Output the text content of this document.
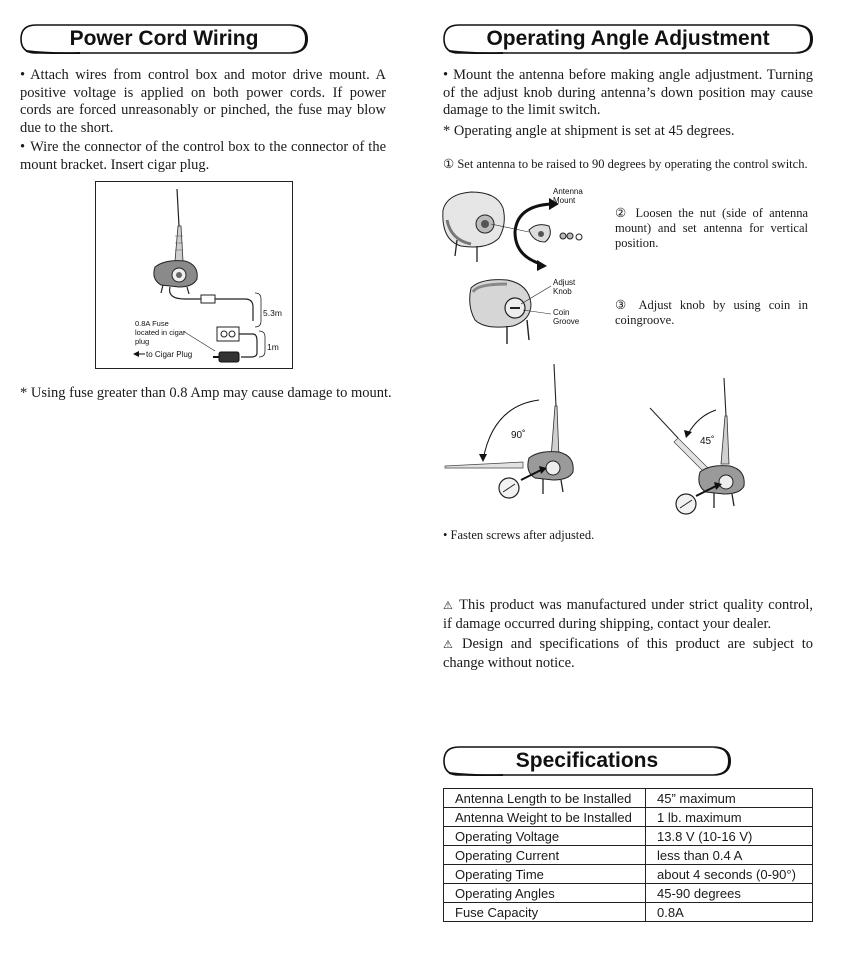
Power Cord Wiring
• Attach wires from control box and motor drive mount. A positive voltage is applied on both power cords. If power cords are forced unreasonably or pinched, the fuse may blow due to the short.
• Wire the connector of the control box to the connector of the mount bracket. Insert cigar plug.
5.3m
1m
0.8A Fuse
located in cigar
plug
to Cigar Plug
* Using fuse greater than 0.8 Amp may cause damage to mount.
Operating Angle Adjustment
• Mount the antenna before making angle adjustment. Turning of the adjust knob during antenna’s down position may cause damage to the limit switch.
* Operating angle at shipment is set at 45 degrees.
① Set antenna to be raised to 90 degrees by operating the control switch.
Antenna
Mount
Adjust
Knob
Coin
Groove
② Loosen the nut (side of antenna mount) and set antenna for vertical position.
③ Adjust knob by using coin in coingroove.
90˚
45˚
• Fasten screws after adjusted.
⚠ This product was manufactured under strict quality control, if damage occurred during shipping, contact your dealer.
⚠ Design and specifications of this product are subject to change without notice.
Specifications
Antenna Length to be Installed	45” maximum
Antenna Weight to be Installed	1 lb. maximum
Operating Voltage	13.8 V (10-16 V)
Operating Current	less than 0.4 A
Operating Time	about 4 seconds (0-90°)
Operating Angles	45-90 degrees
Fuse Capacity	0.8A
